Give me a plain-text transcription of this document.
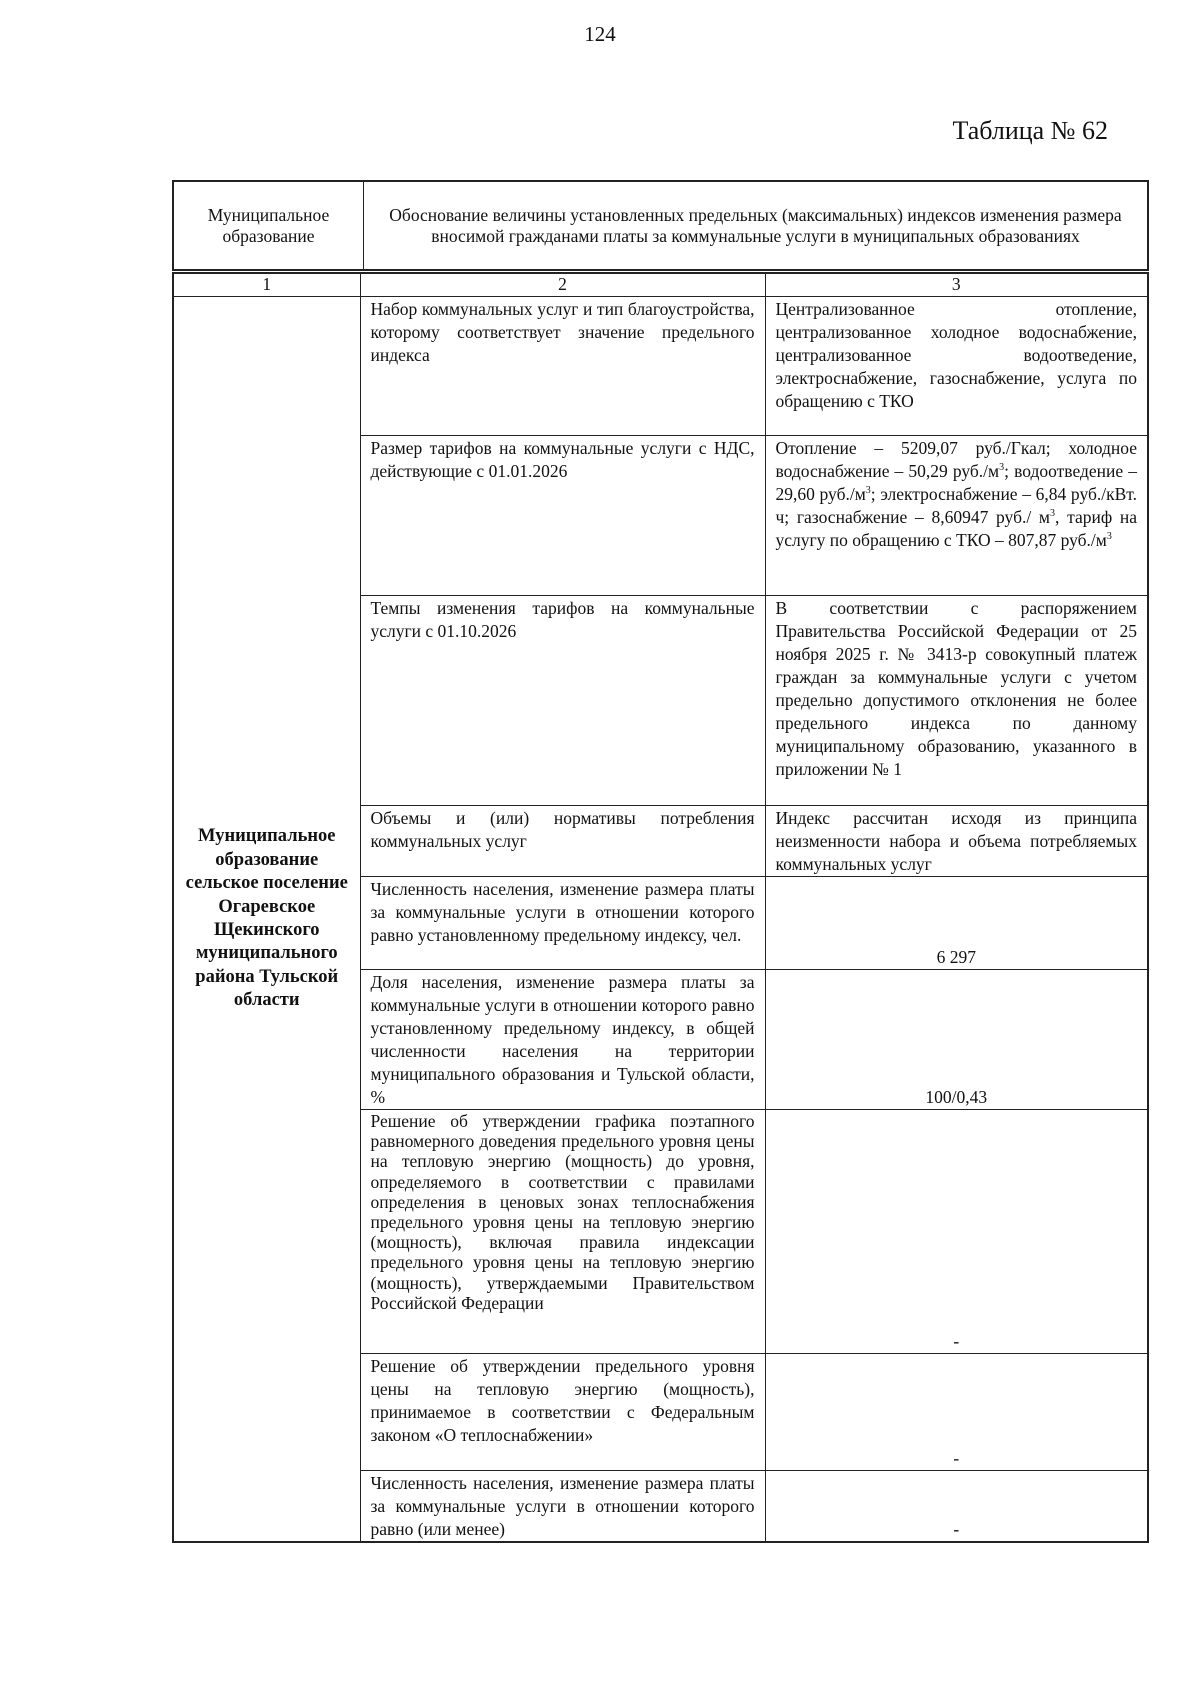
124
Таблица № 62
Муниципальное образование	Обоснование величины установленных предельных (максимальных) индексов изменения размера вносимой гражданами платы за коммунальные услуги в муниципальных образованиях
1	2	3
Муниципальное образование сельское поселение Огаревское Щекинского муниципального района Тульской области	Набор коммунальных услуг и тип благоустройства, которому соответствует значение предельного индекса	Централизованное отопление, централизованное холодное водоснабжение, централизованное водоотведение, электроснабжение, газоснабжение, услуга по обращению с ТКО
	Размер тарифов на коммунальные услуги с НДС, действующие с 01.01.2026	Отопление – 5209,07 руб./Гкал; холодное водоснабжение – 50,29 $руб./м^3$; водоотведение – 29,60 $руб./м^3$; электроснабжение – 6,84 руб./кВт. ч; газоснабжение – 8,60947 руб./ $м^3$, тариф на услугу по обращению с ТКО – 807,87 $руб./м^3$
	Темпы изменения тарифов на коммунальные услуги с 01.10.2026	В соответствии с распоряжением Правительства Российской Федерации от 25 ноября 2025 г. № 3413-р совокупный платеж граждан за коммунальные услуги с учетом предельно допустимого отклонения не более предельного индекса по данному муниципальному образованию, указанного в приложении № 1
	Объемы и (или) нормативы потребления коммунальных услуг	Индекс рассчитан исходя из принципа неизменности набора и объема потребляемых коммунальных услуг
	Численность населения, изменение размера платы за коммунальные услуги в отношении которого равно установленному предельному индексу, чел.	6 297
	Доля населения, изменение размера платы за коммунальные услуги в отношении которого равно установленному предельному индексу, в общей численности населения на территории муниципального образования и Тульской области, %	100/0,43
	Решение об утверждении графика поэтапного равномерного доведения предельного уровня цены на тепловую энергию (мощность) до уровня, определяемого в соответствии с правилами определения в ценовых зонах теплоснабжения предельного уровня цены на тепловую энергию (мощность), включая правила индексации предельного уровня цены на тепловую энергию (мощность), утверждаемыми Правительством Российской Федерации	-
	Решение об утверждении предельного уровня цены на тепловую энергию (мощность), принимаемое в соответствии с Федеральным законом «О теплоснабжении»	-
	Численность населения, изменение размера платы за коммунальные услуги в отношении которого равно (или менее)	-
